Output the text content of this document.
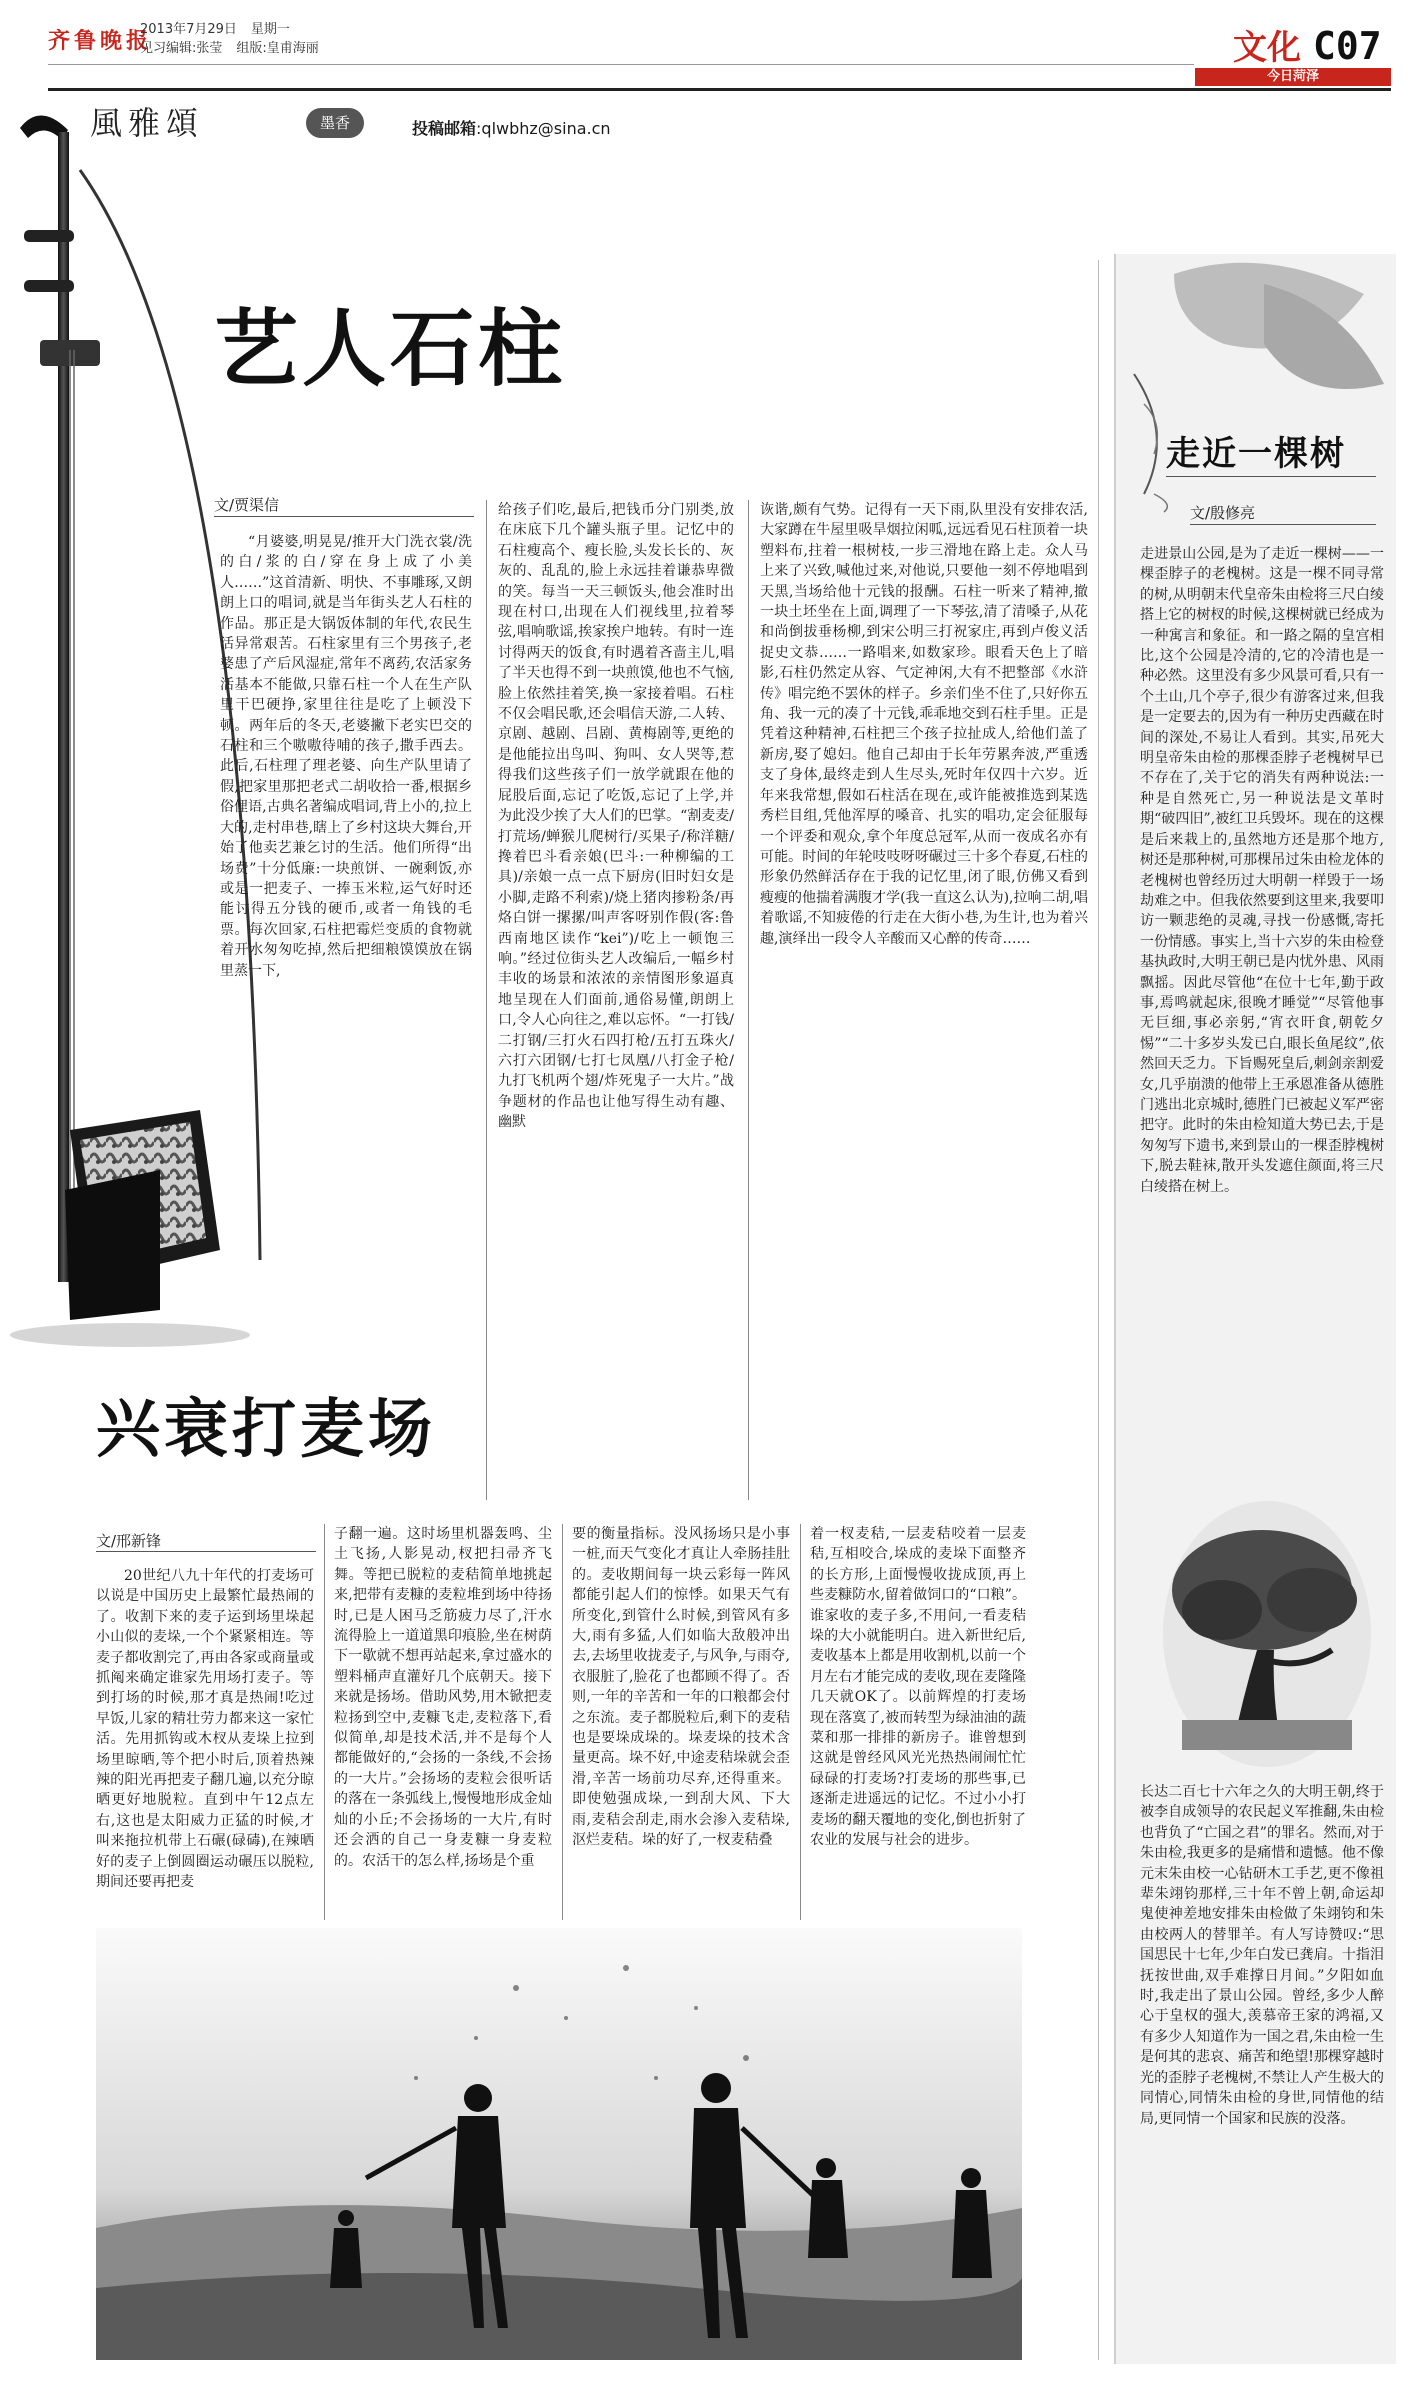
齐鲁晚报
2013年7月29日 星期一
见习编辑:张莹 组版:皇甫海丽	文化 C07
今日菏泽
風雅頌	墨香	投稿邮箱:qlwbhz@sina.cn
艺人石柱
文/贾渠信
“月婆婆,明晃晃/推开大门洗衣裳/洗的白/浆的白/穿在身上成了小美人……”这首清新、明快、不事雕琢,又朗朗上口的唱词,就是当年街头艺人石柱的作品。那正是大锅饭体制的年代,农民生活异常艰苦。石柱家里有三个男孩子,老婆患了产后风湿症,常年不离药,农活家务活基本不能做,只靠石柱一个人在生产队里干巴硬挣,家里往往是吃了上顿没下顿。两年后的冬天,老婆撇下老实巴交的石柱和三个嗷嗷待哺的孩子,撒手西去。此后,石柱理了理老婆、向生产队里请了假,把家里那把老式二胡收拾一番,根据乡俗俚语,古典名著编成唱词,背上小的,拉上大的,走村串巷,瞎上了乡村这块大舞台,开始了他卖艺兼乞讨的生活。他们所得“出场费”十分低廉:一块煎饼、一碗剩饭,亦或是一把麦子、一捧玉米粒,运气好时还能讨得五分钱的硬币,或者一角钱的毛票。每次回家,石柱把霉烂变质的食物就着开水匆匆吃掉,然后把细粮馍馍放在锅里蒸一下,
给孩子们吃,最后,把钱币分门别类,放在床底下几个罐头瓶子里。记忆中的石柱瘦高个、瘦长脸,头发长长的、灰灰的、乱乱的,脸上永远挂着谦恭卑微的笑。每当一天三顿饭头,他会准时出现在村口,出现在人们视线里,拉着琴弦,唱响歌谣,挨家挨户地转。有时一连讨得两天的饭食,有时遇着吝啬主儿,唱了半天也得不到一块煎馍,他也不气恼,脸上依然挂着笑,换一家接着唱。石柱不仅会唱民歌,还会唱信天游,二人转、京剧、越剧、吕剧、黄梅剧等,更绝的是他能拉出鸟叫、狗叫、女人哭等,惹得我们这些孩子们一放学就跟在他的屁股后面,忘记了吃饭,忘记了上学,并为此没少挨了大人们的巴掌。“割麦麦/打荒场/蝉猴儿爬树行/买果子/称洋糖/搀着巴斗看亲娘(巴斗:一种柳编的工具)/亲娘一点一点下厨房(旧时妇女是小脚,走路不利索)/烧上猪肉掺粉条/再烙白饼一摞摞/叫声客呀别作假(客:鲁西南地区读作“kei”)/吃上一顿饱三响。”经过位街头艺人改编后,一幅乡村丰收的场景和浓浓的亲情图形象逼真地呈现在人们面前,通俗易懂,朗朗上口,令人心向往之,难以忘怀。“一打钱/二打钢/三打火石四打枪/五打五珠火/六打六团钢/七打七凤凰/八打金子枪/九打飞机两个翅/炸死鬼子一大片。”战争题材的作品也让他写得生动有趣、幽默
诙谐,颇有气势。记得有一天下雨,队里没有安排农活,大家蹲在牛屋里吸旱烟拉闲呱,远远看见石柱顶着一块塑料布,拄着一根树枝,一步三滑地在路上走。众人马上来了兴致,喊他过来,对他说,只要他一刻不停地唱到天黑,当场给他十元钱的报酬。石柱一听来了精神,撤一块土坯坐在上面,调理了一下琴弦,清了清嗓子,从花和尚倒拔垂杨柳,到宋公明三打祝家庄,再到卢俊义活捉史文恭……一路唱来,如数家珍。眼看天色上了暗影,石柱仍然定从容、气定神闲,大有不把整部《水浒传》唱完绝不罢休的样子。乡亲们坐不住了,只好你五角、我一元的凑了十元钱,乖乖地交到石柱手里。正是凭着这种精神,石柱把三个孩子拉扯成人,给他们盖了新房,娶了媳妇。他自己却由于长年劳累奔波,严重透支了身体,最终走到人生尽头,死时年仅四十六岁。近年来我常想,假如石柱活在现在,或许能被推选到某选秀栏目组,凭他浑厚的嗓音、扎实的唱功,定会征服每一个评委和观众,拿个年度总冠军,从而一夜成名亦有可能。时间的年轮吱吱呀呀碾过三十多个春夏,石柱的形象仍然鲜活存在于我的记忆里,闭了眼,仿佛又看到瘦瘦的他揣着满腹才学(我一直这么认为),拉响二胡,唱着歌谣,不知疲倦的行走在大街小巷,为生计,也为着兴趣,演绎出一段令人辛酸而又心醉的传奇……
兴衰打麦场
文/邢新锋
20世纪八九十年代的打麦场可以说是中国历史上最繁忙最热闹的了。收割下来的麦子运到场里垛起小山似的麦垛,一个个紧紧相连。等麦子都收割完了,再由各家或商量或抓阄来确定谁家先用场打麦子。等到打场的时候,那才真是热闹!吃过早饭,儿家的精壮劳力都来这一家忙活。先用抓钩或木杈从麦垛上拉到场里晾晒,等个把小时后,顶着热辣辣的阳光再把麦子翻几遍,以充分晾晒更好地脱粒。直到中午12点左右,这也是太阳威力正猛的时候,才叫来拖拉机带上石碾(碌碡),在辣晒好的麦子上倒圆圈运动碾压以脱粒,期间还要再把麦
子翻一遍。这时场里机器轰鸣、尘土飞扬,人影晃动,杈把扫帚齐飞舞。等把已脱粒的麦秸简单地挑起来,把带有麦糠的麦粒堆到场中待扬时,已是人困马乏筋疲力尽了,汗水流得脸上一道道黑印痕脸,坐在树荫下一歇就不想再站起来,拿过盛水的塑料桶声直灌好几个底朝天。接下来就是扬场。借助风势,用木锨把麦粒扬到空中,麦糠飞走,麦粒落下,看似简单,却是技术活,并不是每个人都能做好的,“会扬的一条线,不会扬的一大片。”会扬场的麦粒会很听话的落在一条弧线上,慢慢地形成金灿灿的小丘;不会扬场的一大片,有时还会洒的自己一身麦糠一身麦粒的。农活干的怎么样,扬场是个重
要的衡量指标。没风扬场只是小事一桩,而天气变化才真让人牵肠挂肚的。麦收期间每一块云彩每一阵风都能引起人们的惊悸。如果天气有所变化,到管什么时候,到管风有多大,雨有多猛,人们如临大敌般冲出去,去场里收拢麦子,与风争,与雨夺,衣服脏了,脸花了也都顾不得了。否则,一年的辛苦和一年的口粮都会付之东流。麦子都脱粒后,剩下的麦秸也是要垛成垛的。垛麦垛的技术含量更高。垛不好,中途麦秸垛就会歪滑,辛苦一场前功尽弃,还得重来。即使勉强成垛,一到刮大风、下大雨,麦秸会刮走,雨水会渗入麦秸垛,沤烂麦秸。垛的好了,一杈麦秸叠
着一杈麦秸,一层麦秸咬着一层麦秸,互相咬合,垛成的麦垛下面整齐的长方形,上面慢慢收拢成顶,再上些麦糠防水,留着做饲口的“口粮”。谁家收的麦子多,不用问,一看麦秸垛的大小就能明白。进入新世纪后,麦收基本上都是用收割机,以前一个月左右才能完成的麦收,现在麦隆隆几天就OK了。以前辉煌的打麦场现在落寞了,被而转型为绿油油的蔬菜和那一排排的新房子。谁曾想到这就是曾经风风光光热热闹闹忙忙碌碌的打麦场?打麦场的那些事,已逐渐走进遥远的记忆。不过小小打麦场的翻天覆地的变化,倒也折射了农业的发展与社会的进步。
走近一棵树
文/殷修亮
走进景山公园,是为了走近一棵树——一棵歪脖子的老槐树。这是一棵不同寻常的树,从明朝末代皇帝朱由检将三尺白绫搭上它的树杈的时候,这棵树就已经成为一种寓言和象征。和一路之隔的皇宫相比,这个公园是冷清的,它的冷清也是一种必然。这里没有多少风景可看,只有一个土山,几个亭子,很少有游客过来,但我是一定要去的,因为有一种历史西藏在时间的深处,不易让人看到。其实,吊死大明皇帝朱由检的那棵歪脖子老槐树早已不存在了,关于它的消失有两种说法:一种是自然死亡,另一种说法是文革时期“破四旧”,被红卫兵毁坏。现在的这棵是后来栽上的,虽然地方还是那个地方,树还是那种树,可那棵吊过朱由检龙体的老槐树也曾经历过大明朝一样毁于一场劫难之中。但我依然要到这里来,我要叩访一颗悲绝的灵魂,寻找一份感慨,寄托一份情感。事实上,当十六岁的朱由检登基执政时,大明王朝已是内忧外患、风雨飘摇。因此尽管他“在位十七年,勤于政事,焉鸣就起床,很晚才睡觉”“尽管他事无巨细,事必亲躬,“宵衣旰食,朝乾夕惕”“二十多岁头发已白,眼长鱼尾纹”,依然回天乏力。下旨赐死皇后,刺剑亲割爱女,几乎崩溃的他带上王承恩准备从德胜门逃出北京城时,德胜门已被起义军严密把守。此时的朱由检知道大势已去,于是匆匆写下遗书,来到景山的一棵歪脖槐树下,脱去鞋袜,散开头发遮住颜面,将三尺白绫搭在树上。
长达二百七十六年之久的大明王朝,终于被李自成领导的农民起义军推翻,朱由检也背负了“亡国之君”的罪名。然而,对于朱由检,我更多的是痛惜和遗憾。他不像元末朱由校一心钻研木工手艺,更不像祖辈朱翊钧那样,三十年不曾上朝,命运却鬼使神差地安排朱由检做了朱翊钧和朱由校两人的替罪羊。有人写诗赞叹:“思国思民十七年,少年白发已龚肩。十指泪抚按世曲,双手难撑日月间。”夕阳如血时,我走出了景山公园。曾经,多少人醉心于皇权的强大,羡慕帝王家的鸿福,又有多少人知道作为一国之君,朱由检一生是何其的悲哀、痛苦和绝望!那棵穿越时光的歪脖子老槐树,不禁让人产生极大的同情心,同情朱由检的身世,同情他的结局,更同情一个国家和民族的没落。
